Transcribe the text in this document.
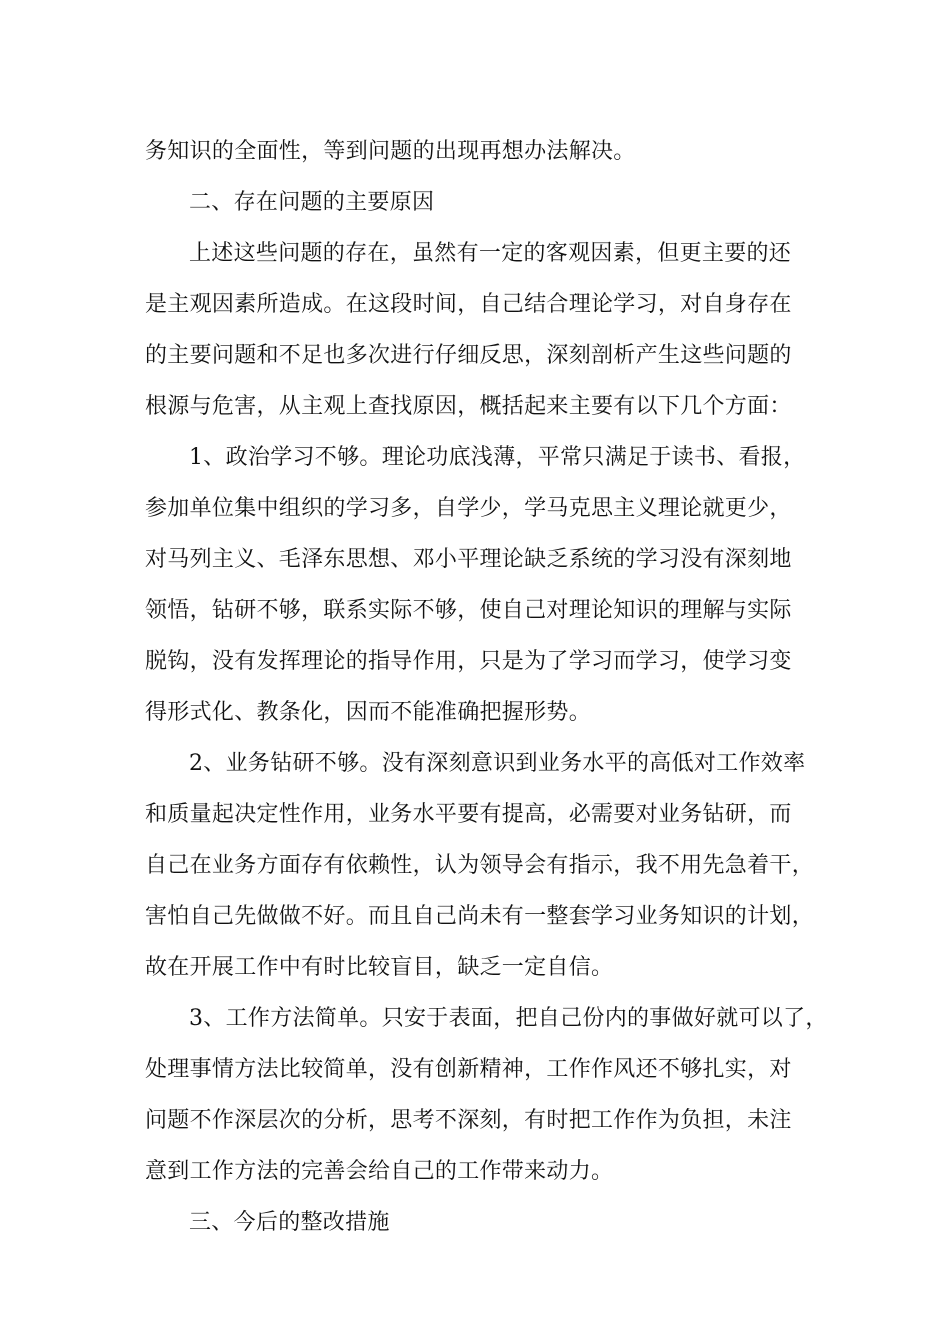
务知识的全面性，等到问题的出现再想办法解决。

二、存在问题的主要原因

上述这些问题的存在，虽然有一定的客观因素，但更主要的还

是主观因素所造成。在这段时间，自己结合理论学习，对自身存在

的主要问题和不足也多次进行仔细反思，深刻剖析产生这些问题的

根源与危害，从主观上查找原因，概括起来主要有以下几个方面：

1、政治学习不够。理论功底浅薄，平常只满足于读书、看报，

参加单位集中组织的学习多，自学少，学马克思主义理论就更少，

对马列主义、毛泽东思想、邓小平理论缺乏系统的学习没有深刻地

领悟，钻研不够，联系实际不够，使自己对理论知识的理解与实际

脱钩，没有发挥理论的指导作用，只是为了学习而学习，使学习变

得形式化、教条化，因而不能准确把握形势。

2、业务钻研不够。没有深刻意识到业务水平的高低对工作效率

和质量起决定性作用，业务水平要有提高，必需要对业务钻研，而

自己在业务方面存有依赖性，认为领导会有指示，我不用先急着干，

害怕自己先做做不好。而且自己尚未有一整套学习业务知识的计划，

故在开展工作中有时比较盲目，缺乏一定自信。

3、工作方法简单。只安于表面，把自己份内的事做好就可以了，

处理事情方法比较简单，没有创新精神，工作作风还不够扎实，对

问题不作深层次的分析，思考不深刻，有时把工作作为负担，未注

意到工作方法的完善会给自己的工作带来动力。

三、今后的整改措施
